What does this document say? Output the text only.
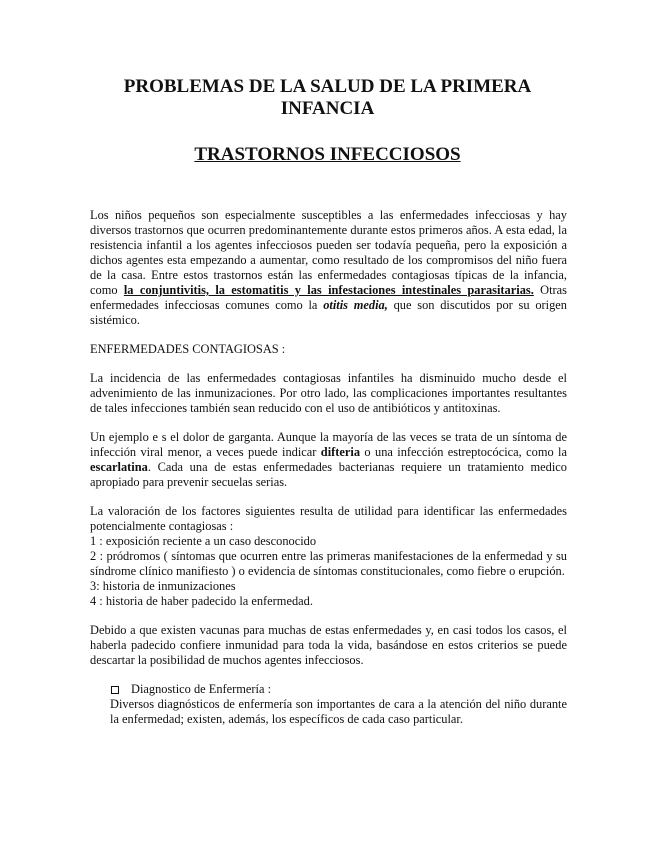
PROBLEMAS DE LA SALUD DE LA PRIMERA INFANCIA
TRASTORNOS INFECCIOSOS

Los niños pequeños son especialmente susceptibles a las enfermedades infecciosas y hay diversos trastornos que ocurren predominantemente durante estos primeros años. A esta edad, la resistencia infantil a los agentes infecciosos pueden ser todavía pequeña, pero la exposición a dichos agentes esta empezando a aumentar, como resultado de los compromisos del niño fuera de la casa. Entre estos trastornos están las enfermedades contagiosas típicas de la infancia, como la conjuntivitis, la estomatitis y las infestaciones intestinales parasitarias. Otras enfermedades infecciosas comunes como la otitis media, que son discutidos por su origen sistémico.

ENFERMEDADES CONTAGIOSAS :

La incidencia de las enfermedades contagiosas infantiles ha disminuido mucho desde el advenimiento de las inmunizaciones. Por otro lado, las complicaciones importantes resultantes de tales infecciones también sean reducido con el uso de antibióticos y antitoxinas.

Un ejemplo e s el dolor de garganta. Aunque la mayoría de las veces se trata de un síntoma de infección viral menor, a veces puede indicar difteria o una infección estreptocócica, como la escarlatina. Cada una de estas enfermedades bacterianas requiere un tratamiento medico apropiado para prevenir secuelas serias.

La valoración de los factores siguientes resulta de utilidad para identificar las enfermedades potencialmente contagiosas :
1 : exposición reciente a un caso desconocido
2 : pródromos ( síntomas que ocurren entre las primeras manifestaciones de la enfermedad y su síndrome clínico manifiesto ) o evidencia de síntomas constitucionales, como fiebre o erupción.
3: historia de inmunizaciones
4 : historia de haber padecido la enfermedad.

Debido a que existen vacunas para muchas de estas enfermedades y, en casi todos los casos, el haberla padecido confiere inmunidad para toda la vida, basándose en estos criterios se puede descartar la posibilidad de muchos agentes infecciosos.

Diagnostico de Enfermería :
Diversos diagnósticos de enfermería son importantes de cara a la atención del niño durante la enfermedad; existen, además, los específicos de cada caso particular.
